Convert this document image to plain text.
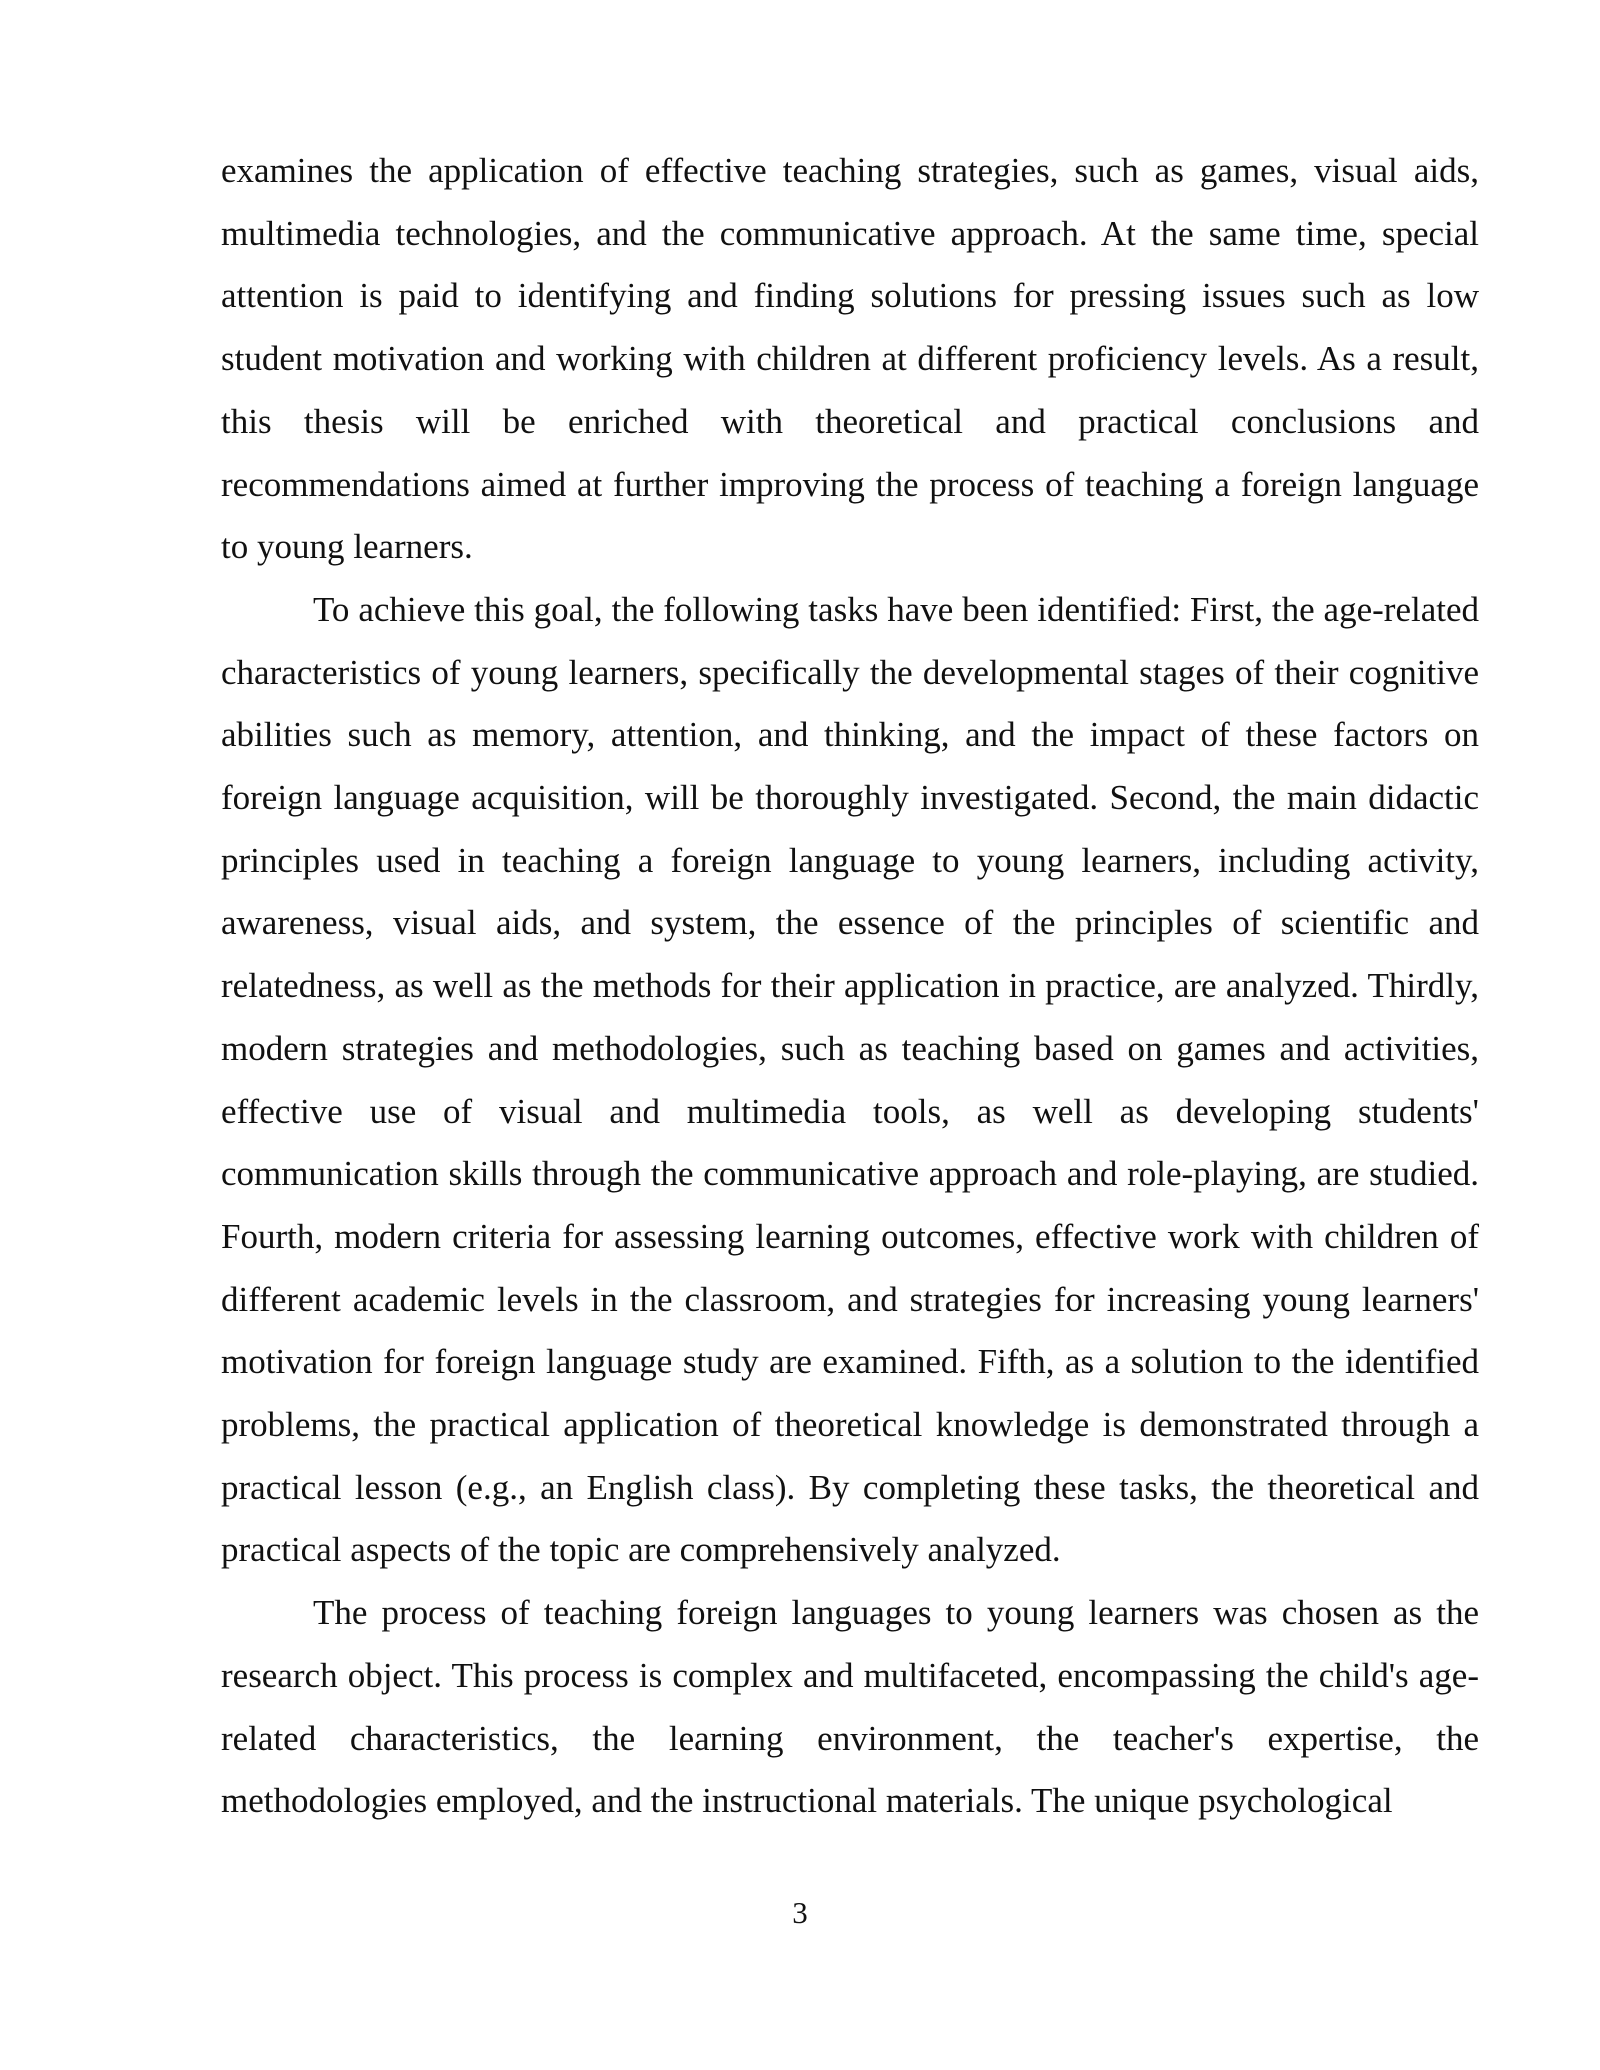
examines the application of effective teaching strategies, such as games, visual aids, multimedia technologies, and the communicative approach. At the same time, special attention is paid to identifying and finding solutions for pressing issues such as low student motivation and working with children at different proficiency levels. As a result, this thesis will be enriched with theoretical and practical conclusions and recommendations aimed at further improving the process of teaching a foreign language to young learners.

To achieve this goal, the following tasks have been identified: First, the age-related characteristics of young learners, specifically the developmental stages of their cognitive abilities such as memory, attention, and thinking, and the impact of these factors on foreign language acquisition, will be thoroughly investigated. Second, the main didactic principles used in teaching a foreign language to young learners, including activity, awareness, visual aids, and system, the essence of the principles of scientific and relatedness, as well as the methods for their application in practice, are analyzed. Thirdly, modern strategies and methodologies, such as teaching based on games and activities, effective use of visual and multimedia tools, as well as developing students' communication skills through the communicative approach and role-playing, are studied. Fourth, modern criteria for assessing learning outcomes, effective work with children of different academic levels in the classroom, and strategies for increasing young learners' motivation for foreign language study are examined. Fifth, as a solution to the identified problems, the practical application of theoretical knowledge is demonstrated through a practical lesson (e.g., an English class). By completing these tasks, the theoretical and practical aspects of the topic are comprehensively analyzed.

The process of teaching foreign languages to young learners was chosen as the research object. This process is complex and multifaceted, encompassing the child's age-related characteristics, the learning environment, the teacher's expertise, the methodologies employed, and the instructional materials. The unique psychological

3
